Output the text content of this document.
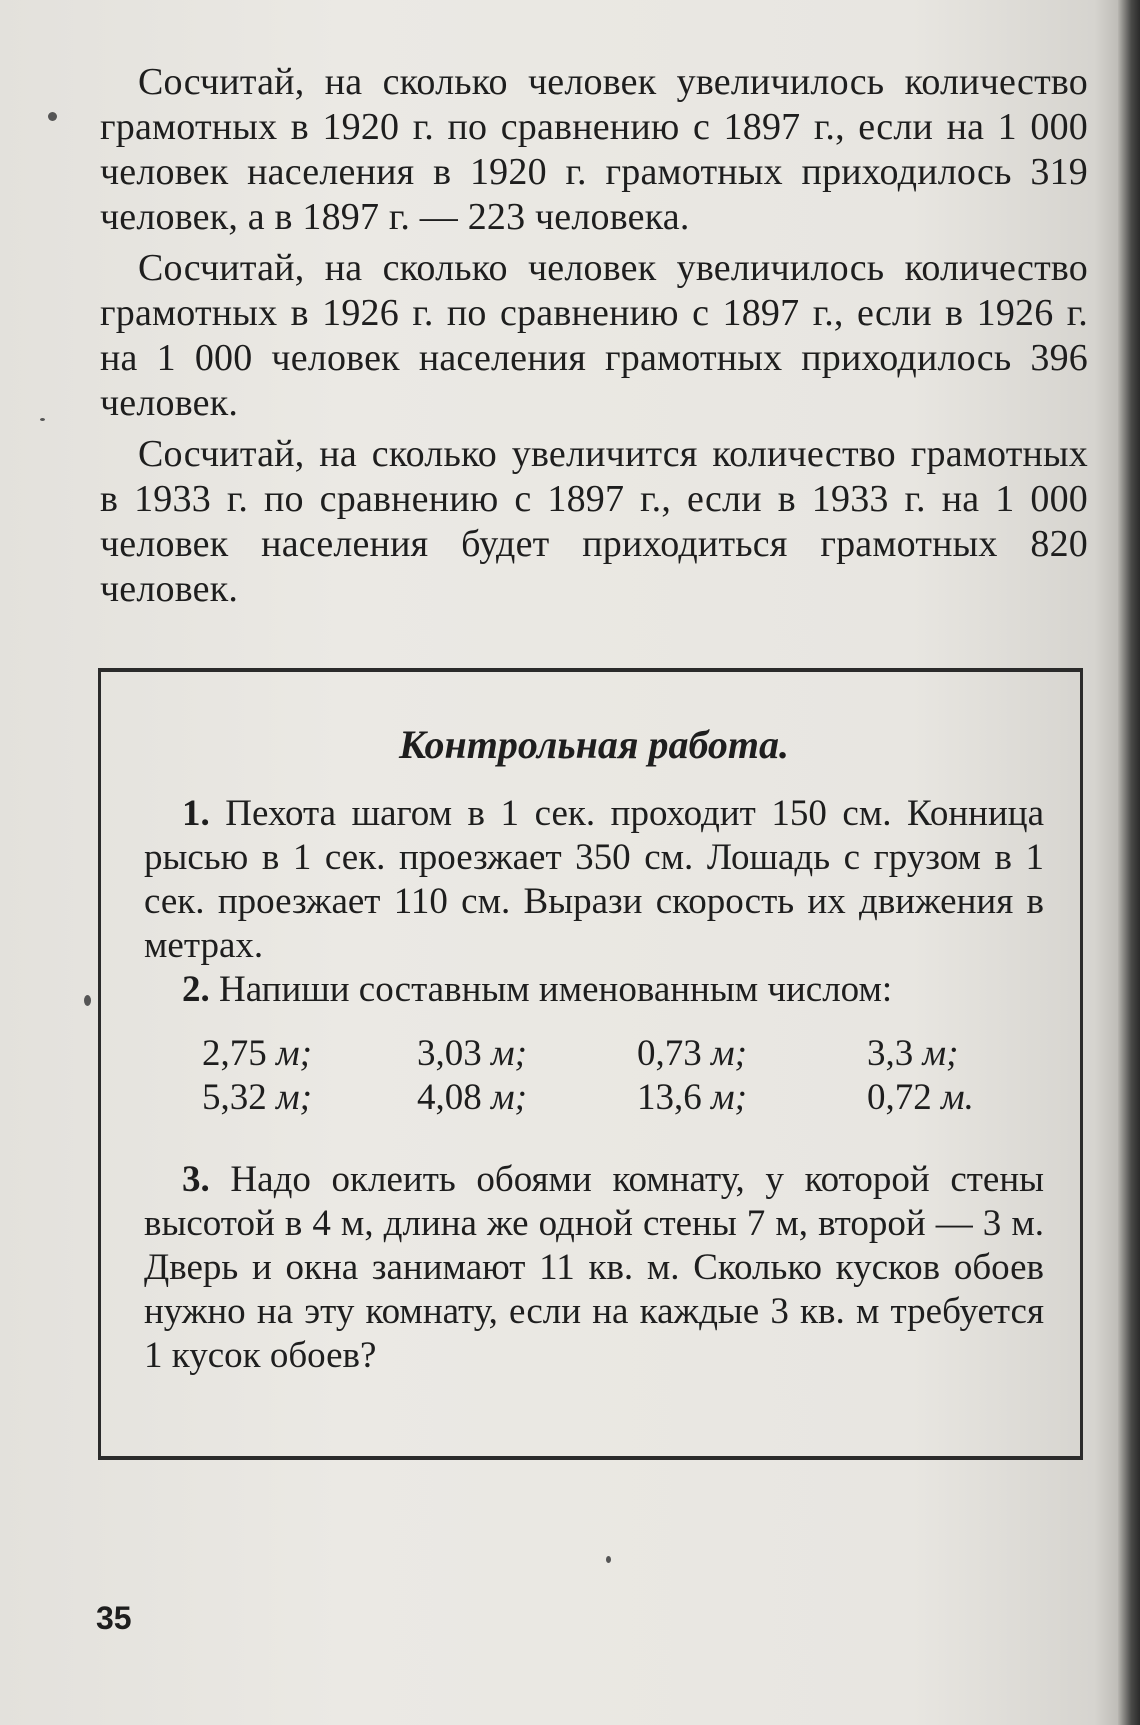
Сосчитай, на сколько человек увеличилось количество грамотных в 1920 г. по сравнению с 1897 г., если на 1 000 человек населения в 1920 г. грамотных приходилось 319 человек, а в 1897 г. — 223 человека.

Сосчитай, на сколько человек увеличилось количество грамотных в 1926 г. по сравнению с 1897 г., если в 1926 г. на 1 000 человек населения грамотных приходилось 396 человек.

Сосчитай, на сколько увеличится количество грамотных в 1933 г. по сравнению с 1897 г., если в 1933 г. на 1 000 человек населения будет приходиться грамотных 820 человек.

Контрольная работа.

1. Пехота шагом в 1 сек. проходит 150 см. Конница рысью в 1 сек. проезжает 350 см. Лошадь с грузом в 1 сек. проезжает 110 см. Вырази скорость их движения в метрах.

2. Напиши составным именованным числом:

2,75 м;	3,03 м;	0,73 м;	3,3 м;
5,32 м;	4,08 м;	13,6 м;	0,72 м.

3. Надо оклеить обоями комнату, у которой стены высотой в 4 м, длина же одной стены 7 м, второй — 3 м. Дверь и окна занимают 11 кв. м. Сколько кусков обоев нужно на эту комнату, если на каждые 3 кв. м требуется 1 кусок обоев?

35
